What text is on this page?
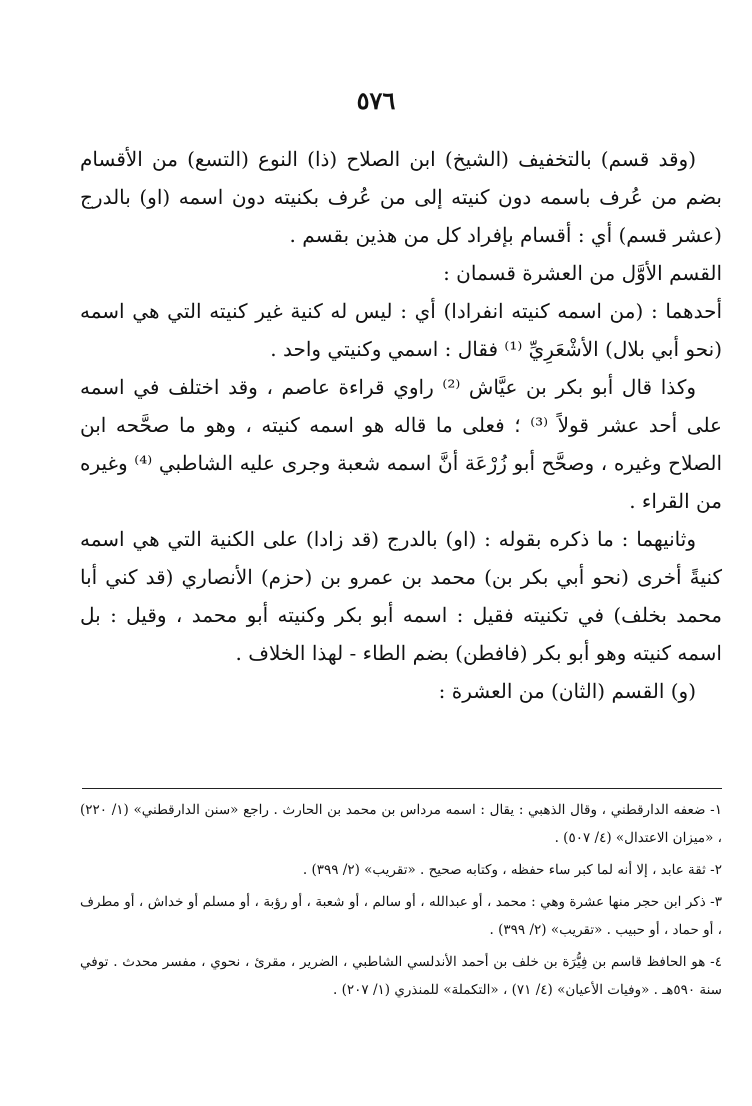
٥٧٦

(وقد قسم) بالتخفيف (الشيخ) ابن الصلاح (ذا) النوع (التسع) من الأقسام بضم من عُرف باسمه دون كنيته إلى من عُرف بكنيته دون اسمه (او) بالدرج (عشر قسم) أي : أقسام بإفراد كل من هذين بقسم .

القسم الأوَّل من العشرة قسمان :

أحدهما : (من اسمه كنيته انفرادا) أي : ليس له كنية غير كنيته التي هي اسمه (نحو أبي بلال) الأشْعَرِيِّ ⁽¹⁾ فقال : اسمي وكنيتي واحد .

وكذا قال أبو بكر بن عيَّاش ⁽²⁾ راوي قراءة عاصم ، وقد اختلف في اسمه على أحد عشر قولاً ⁽³⁾ ؛ فعلى ما قاله هو اسمه كنيته ، وهو ما صحَّحه ابن الصلاح وغيره ، وصحَّح أبو زُرْعَة أنَّ اسمه شعبة وجرى عليه الشاطبي ⁽⁴⁾ وغيره من القراء .

وثانيهما : ما ذكره بقوله : (او) بالدرج (قد زادا) على الكنية التي هي اسمه كنيةً أخرى (نحو أبي بكر بن) محمد بن عمرو بن (حزم) الأنصاري (قد كني أبا محمد بخلف) في تكنيته فقيل : اسمه أبو بكر وكنيته أبو محمد ، وقيل : بل اسمه كنيته وهو أبو بكر (فافطن) بضم الطاء - لهذا الخلاف .

(و) القسم (الثان) من العشرة :

١- ضعفه الدارقطني ، وقال الذهبي : يقال : اسمه مرداس بن محمد بن الحارث . راجع «سنن الدارقطني» (١/ ٢٢٠) ، «ميزان الاعتدال» (٤/ ٥٠٧) .

٢- ثقة عابد ، إلا أنه لما كبر ساء حفظه ، وكتابه صحيح . «تقريب» (٢/ ٣٩٩) .

٣- ذكر ابن حجر منها عشرة وهي : محمد ، أو عبدالله ، أو سالم ، أو شعبة ، أو رؤبة ، أو مسلم أو خداش ، أو مطرف ، أو حماد ، أو حبيب . «تقريب» (٢/ ٣٩٩) .

٤- هو الحافظ قاسم بن فِيُّرَة بن خلف بن أحمد الأندلسي الشاطبي ، الضرير ، مقرئ ، نحوي ، مفسر محدث . توفي سنة ٥٩٠هـ . «وفيات الأعيان» (٤/ ٧١) ، «التكملة» للمنذري (١/ ٢٠٧) .
